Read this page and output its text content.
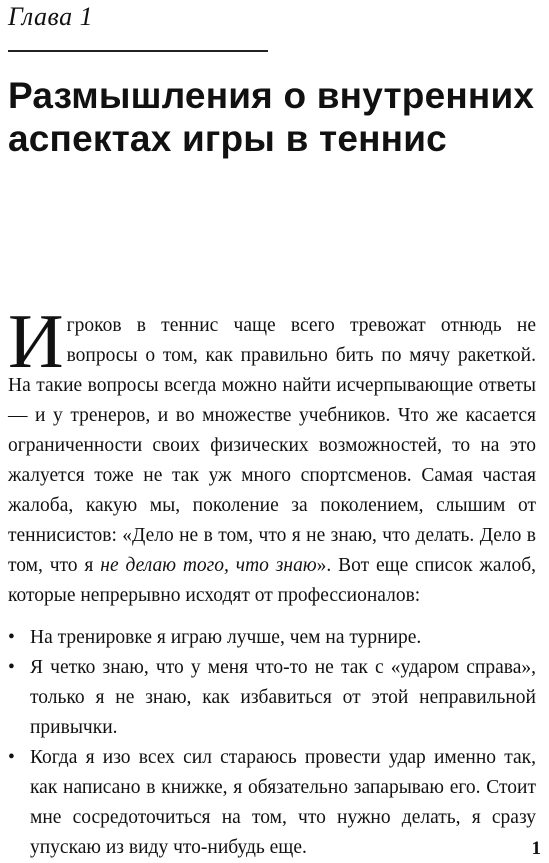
Глава 1
Размышления о внутренних аспектах игры в теннис

Игроков в теннис чаще всего тревожат отнюдь не вопросы о том, как правильно бить по мячу ракеткой. На такие вопросы всегда можно найти исчерпывающие ответы — и у тренеров, и во множестве учебников. Что же касается ограниченности своих физических возможностей, то на это жалуется тоже не так уж много спортсменов. Самая частая жалоба, какую мы, поколение за поколением, слышим от теннисистов: «Дело не в том, что я не знаю, что делать. Дело в том, что я не делаю того, что знаю». Вот еще список жалоб, которые непрерывно исходят от профессионалов:

• На тренировке я играю лучше, чем на турнире.
• Я четко знаю, что у меня что-то не так с «ударом справа», только я не знаю, как избавиться от этой неправильной привычки.
• Когда я изо всех сил стараюсь провести удар именно так, как написано в книжке, я обязательно запарываю его. Стоит мне сосредоточиться на том, что нужно делать, я сразу упускаю из виду что-нибудь еще.	1
